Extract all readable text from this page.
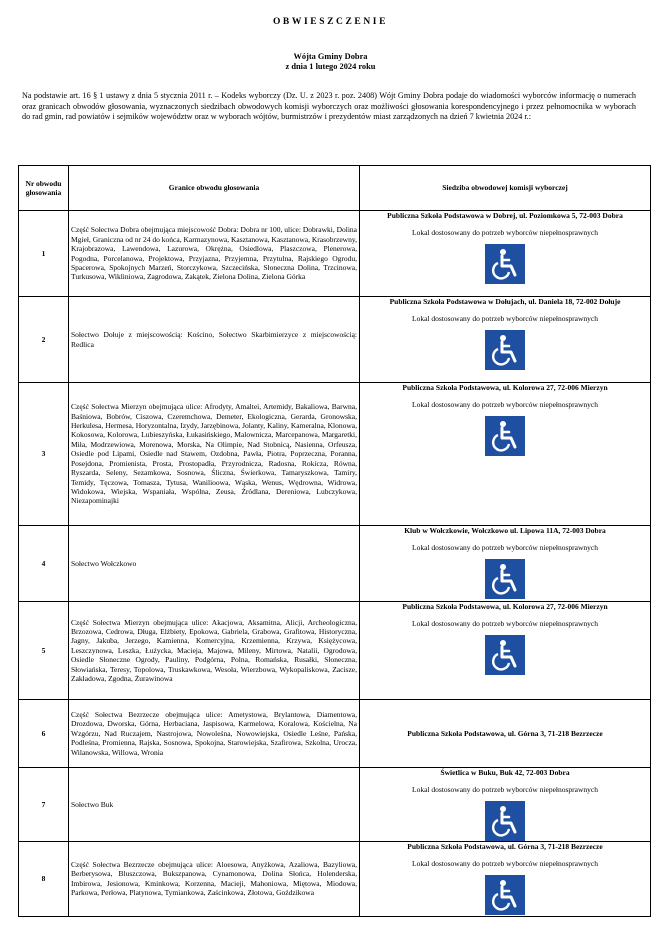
OBWIESZCZENIE
Wójta Gminy Dobra
z dnia 1 lutego 2024 roku
Na podstawie art. 16 § 1 ustawy z dnia 5 stycznia 2011 r. – Kodeks wyborczy (Dz. U. z 2023 r. poz. 2408) Wójt Gminy Dobra podaje do wiadomości wyborców informację o numerach oraz granicach obwodów głosowania, wyznaczonych siedzibach obwodowych komisji wyborczych oraz możliwości głosowania korespondencyjnego i przez pełnomocnika w wyborach do rad gmin, rad powiatów i sejmików województw oraz w wyborach wójtów, burmistrzów i prezydentów miast zarządzonych na dzień 7 kwietnia 2024 r.:
Nr obwodu głosowania	Granice obwodu głosowania	Siedziba obwodowej komisji wyborczej
1	Część Sołectwa Dobra obejmująca miejscowość Dobra: Dobra nr 100, ulice: Dobrawki, Dolina Mgieł, Graniczna od nr 24 do końca, Karmazynowa, Kasztanowa, Kasztanowa, Krasobrzewny, Krajobrazowa, Lawendowa, Lazurowa, Okrężna, Osiedlowa, Plaszczowa, Plenerowa, Pogodna, Porcelanowa, Projektowa, Przyjazna, Przyjemna, Przytulna, Rajskiego Ogrodu, Spacerowa, Spokojnych Marzeń, Storczykowa, Szczecińska, Słoneczna Dolina, Trzcinowa, Turkusowa, Wikliniowa, Zagrodowa, Zakątek, Zielona Dolina, Zielona Górka	Publiczna Szkoła Podstawowa w Dobrej, ul. Poziomkowa 5, 72-003 Dobra
Lokal dostosowany do potrzeb wyborców niepełnosprawnych

2	Sołectwo Dołuje z miejscowością: Kościno, Sołectwo Skarbimierzyce z miejscowością: Redlica	Publiczna Szkoła Podstawowa w Dołujach, ul. Daniela 18, 72-002 Dołuje
Lokal dostosowany do potrzeb wyborców niepełnosprawnych

3	Część Sołectwa Mierzyn obejmująca ulice: Afrodyty, Amaltei, Artemidy, Bakaliowa, Barwna, Baśniowa, Bobrów, Ciszowa, Czeremchowa, Demeter, Ekologiczna, Gerarda, Gronowska, Herkulesa, Hermesa, Horyzontalna, Izydy, Jarzębinowa, Jolanty, Kaliny, Kameralna, Klonowa, Kokosowa, Kolorowa, Lubieszyńska, Łukasińskiego, Malowniczа, Marcepanowa, Margaretki, Miła, Modrzewiowa, Morenowa, Morska, Na Olimpie, Nad Stobnicą, Nasienna, Orfeusza, Osiedle pod Lipami, Osiedle nad Stawem, Ozdobna, Pawła, Piotra, Poprzeczna, Poranna, Posejdona, Promienista, Prosta, Prostopadła, Przyrodnicza, Radosna, Rokicza, Równa, Ryszarda, Seleny, Sezamkowa, Sosnowa, Śliczna, Świerkowa, Tamaryszkowa, Tamiry, Temidy, Tęczowa, Tomasza, Tytusa, Wanilioowa, Wąska, Wenus, Wędrowna, Widrowa, Widokowa, Wiejska, Wspaniała, Wspólna, Zeusa, Źródlana, Dereniowa, Lubczykowa, Niezapominajki	Publiczna Szkoła Podstawowa, ul. Kolorowa 27, 72-006 Mierzyn
Lokal dostosowany do potrzeb wyborców niepełnosprawnych

4	Sołectwo Wołczkowo	Klub w Wołczkowie, Wołczkowo ul. Lipowa 11A, 72-003 Dobra
Lokal dostosowany do potrzeb wyborców niepełnosprawnych

5	Część Sołectwa Mierzyn obejmująca ulice: Akacjowa, Aksamitna, Alicji, Archeologiczna, Brzozowa, Cedrowa, Długa, Elżbiety, Epokowa, Gabriela, Grabowa, Grafitowa, Historyczna, Jagny, Jakuba, Jerzego, Kamienna, Komercyjna, Krzemienna, Krzywa, Księżycowa, Leszczynowa, Leszka, Łużycka, Macieja, Majowa, Mileny, Mirtowa, Natalii, Ogrodowa, Osiedle Słoneczne Ogrody, Pauliny, Podgórna, Polna, Romańska, Rusałki, Słoneczna, Słowiańska, Teresy, Topolowa, Truskawkowa, Wesoła, Wierzbowa, Wykopaliskowa, Zacisze, Zakładowa, Zgodna, Żurawinowa	Publiczna Szkoła Podstawowa, ul. Kolorowa 27, 72-006 Mierzyn
Lokal dostosowany do potrzeb wyborców niepełnosprawnych

6	Część Sołectwa Bezrzecze obejmująca ulice: Ametystowa, Brylantowa, Diamentowa, Drozdowa, Dworska, Górna, Herbaciana, Jaspisowa, Karmelowa, Koralowa, Kościelna, Na Wzgórzu, Nad Ruczajem, Nastrojowa, Nowoleśna, Nowowiejska, Osiedle Leśne, Pańska, Podleśna, Promienna, Rajska, Sosnowa, Spokojna, Starowiejska, Szafirowa, Szkolna, Urocza, Wilanowska, Willowa, Wronia	Publiczna Szkoła Podstawowa, ul. Górna 3, 71-218 Bezrzecze

7	Sołectwo Buk	Świetlica w Buku, Buk 42, 72-003 Dobra
Lokal dostosowany do potrzeb wyborców niepełnosprawnych

8	Część Sołectwa Bezrzecze obejmująca ulice: Aloesowa, Anyżkowa, Azaliowa, Bazyliowa, Berberysowa, Bluszczowa, Bukszpanowa, Cynamonowa, Dolina Słońca, Holenderska, Imbirowa, Jesionowa, Kminkowa, Korzenna, Macieji, Mahoniowa, Miętowa, Miodowa, Parkowa, Perłowa, Platynowa, Tymiankowa, Zaścinkowa, Złotowa, Goździkowa	Publiczna Szkoła Podstawowa, ul. Górna 3, 71-218 Bezrzecze
Lokal dostosowany do potrzeb wyborców niepełnosprawnych
